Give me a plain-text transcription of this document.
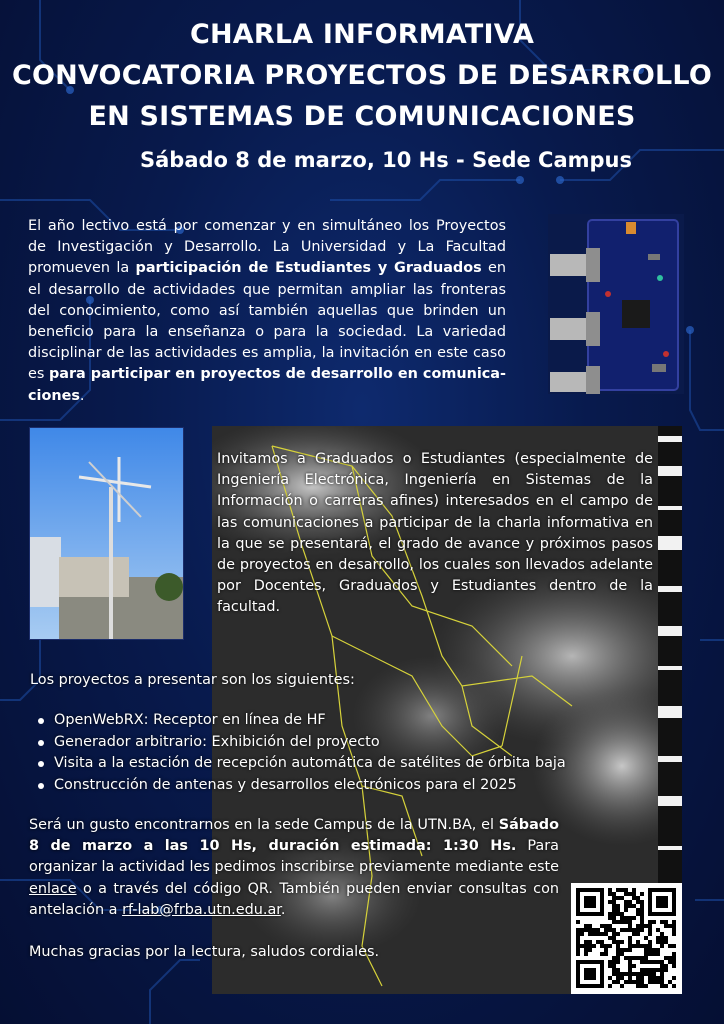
CHARLA INFORMATIVA
CONVOCATORIA PROYECTOS DE DESARROLLO
EN SISTEMAS DE COMUNICACIONES
Sábado 8 de marzo, 10 Hs - Sede Campus

El año lectivo está por comenzar y en simultáneo los Proyectos de Investigación y Desarrollo. La Universidad y La Facultad promueven la participación de Estudiantes y Graduados en el desarrollo de actividades que permitan ampliar las fronteras del conocimiento, como así también aquellas que brinden un beneficio para la enseñanza o para la sociedad. La variedad disciplinar de las actividades es amplia, la invitación en este caso es para participar en proyectos de desarrollo en comunica-ciones.

Invitamos a Graduados o Estudiantes (especialmente de Ingeniería Electrónica, Ingeniería en Sistemas de la Información o carreras afines) interesados en el campo de las comunicaciones a participar de la charla informativa en la que se presentará, el grado de avance y próximos pasos de proyectos en desarrollo, los cuales son llevados adelante por Docentes, Graduados y Estudiantes dentro de la facultad.

Los proyectos a presentar son los siguientes:

OpenWebRX: Receptor en línea de HF
Generador arbitrario: Exhibición del proyecto
Visita a la estación de recepción automática de satélites de órbita baja
Construcción de antenas y desarrollos electrónicos para el 2025

Será un gusto encontrarnos en la sede Campus de la UTN.BA, el Sábado 8 de marzo a las 10 Hs, duración estimada: 1:30 Hs. Para organizar la actividad les pedimos inscribirse previamente mediante este enlace o a través del código QR. También pueden enviar consultas con antelación a rf-lab@frba.utn.edu.ar.

Muchas gracias por la lectura, saludos cordiales.
